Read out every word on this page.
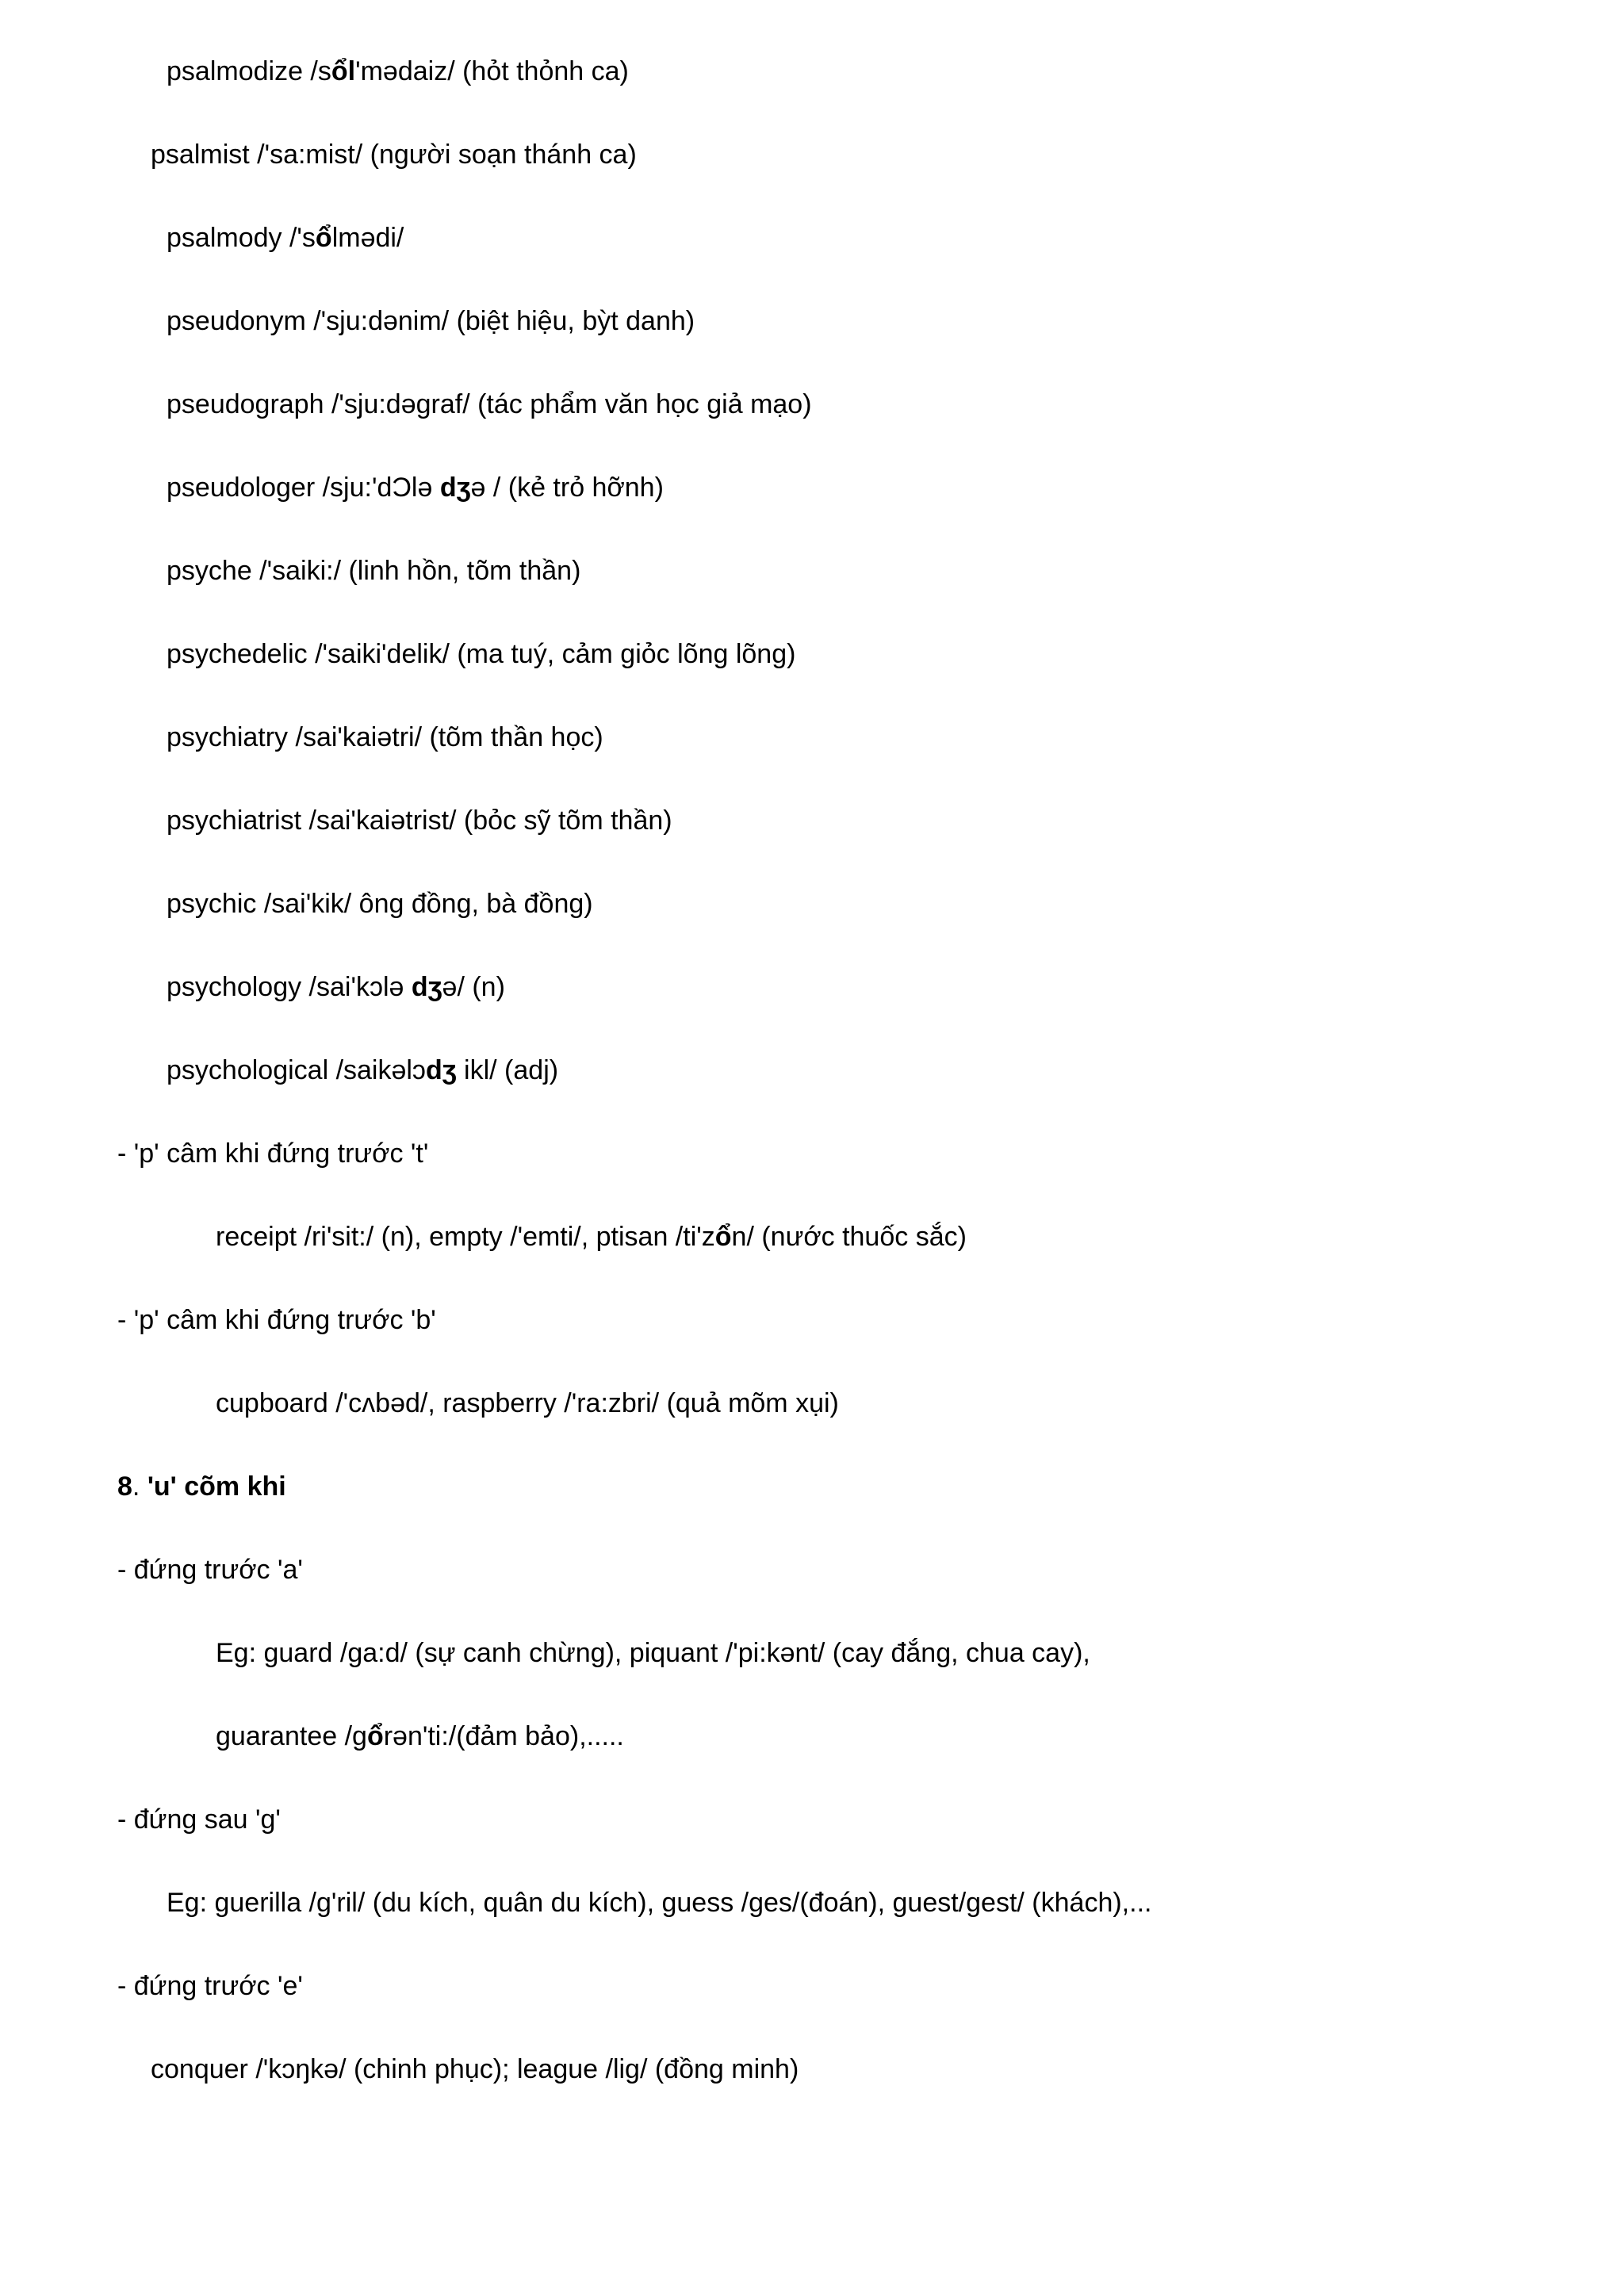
psalmodize /sổl'mədaiz/ (hỏt thỏnh ca)
psalmist /'sa:mist/ (người soạn thánh ca)
psalmody /'sổlmədi/
pseudonym /'sju:dənim/ (biệt hiệu, bỳt danh)
pseudograph /'sju:dəgraf/ (tác phẩm văn học giả mạo)
pseudologer /sju:'dƆlə dʒə / (kẻ trỏ hỡnh)
psyche /'saiki:/ (linh hồn, tõm thần)
psychedelic /'saiki'delik/ (ma tuý, cảm giỏc lõng lõng)
psychiatry /sai'kaiətri/ (tõm thần học)
psychiatrist /sai'kaiətrist/ (bỏc sỹ tõm thần)
psychic /sai'kik/ ông đồng, bà đồng)
psychology /sai'kɔlə dʒə/ (n)
psychological /saikəlɔdʒ ikl/ (adj)
- 'p' câm khi đứng trước 't'
receipt /ri'sit:/ (n), empty /'emti/, ptisan /ti'zổn/ (nước thuốc sắc)
- 'p' câm khi đứng trước 'b'
cupboard /'cʌbəd/, raspberry /'ra:zbri/ (quả mõm xụi)
8. 'u' cõm khi
- đứng trước 'a'
Eg: guard /ga:d/ (sự canh chừng), piquant /'pi:kənt/ (cay đắng, chua cay),
guarantee /gổrən'ti:/(đảm bảo),.....
- đứng sau 'g'
Eg: guerilla /g'ril/ (du kích, quân du kích), guess /ges/(đoán), guest/gest/ (khách),...
- đứng trước 'e'
conquer /'kɔŋkə/ (chinh phục); league /lig/ (đồng minh)
